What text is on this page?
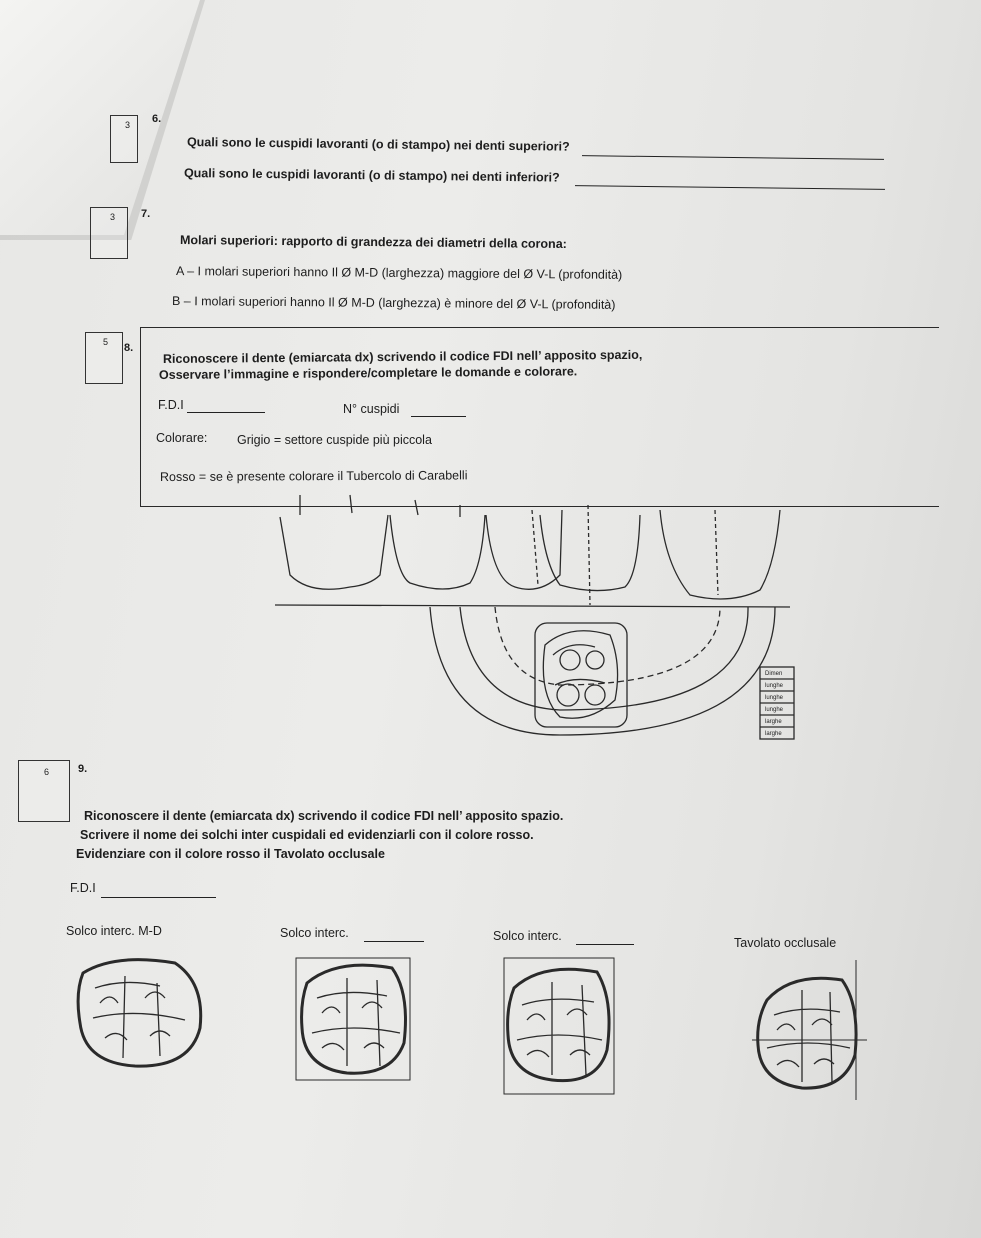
3 6.
Quali sono le cuspidi lavoranti (o di stampo) nei denti superiori?
Quali sono le cuspidi lavoranti (o di stampo) nei denti inferiori?
3 7.
Molari superiori: rapporto di grandezza dei diametri della corona:
A – I molari superiori hanno Il Ø M-D (larghezza) maggiore del Ø V-L (profondità)
B – I molari superiori hanno Il Ø M-D (larghezza) è minore del Ø V-L (profondità)
5 8. Riconoscere il dente (emiarcata dx) scrivendo il codice FDI nell’ apposito spazio,
Osservare l’immagine e rispondere/completare le domande e colorare.
F.D.I	N° cuspidi
Colorare: Grigio = settore cuspide più piccola
Rosso = se è presente colorare il Tubercolo di Carabelli
Dimen
lunghe
lunghe
lunghe
larghe
larghe
6	9.
Riconoscere il dente (emiarcata dx) scrivendo il codice FDI nell’ apposito spazio.
Scrivere il nome dei solchi inter cuspidali ed evidenziarli con il colore rosso.
Evidenziare con il colore rosso il Tavolato occlusale
F.D.I
Solco interc. M-D	Solco interc.	Solco interc.	Tavolato occlusale
